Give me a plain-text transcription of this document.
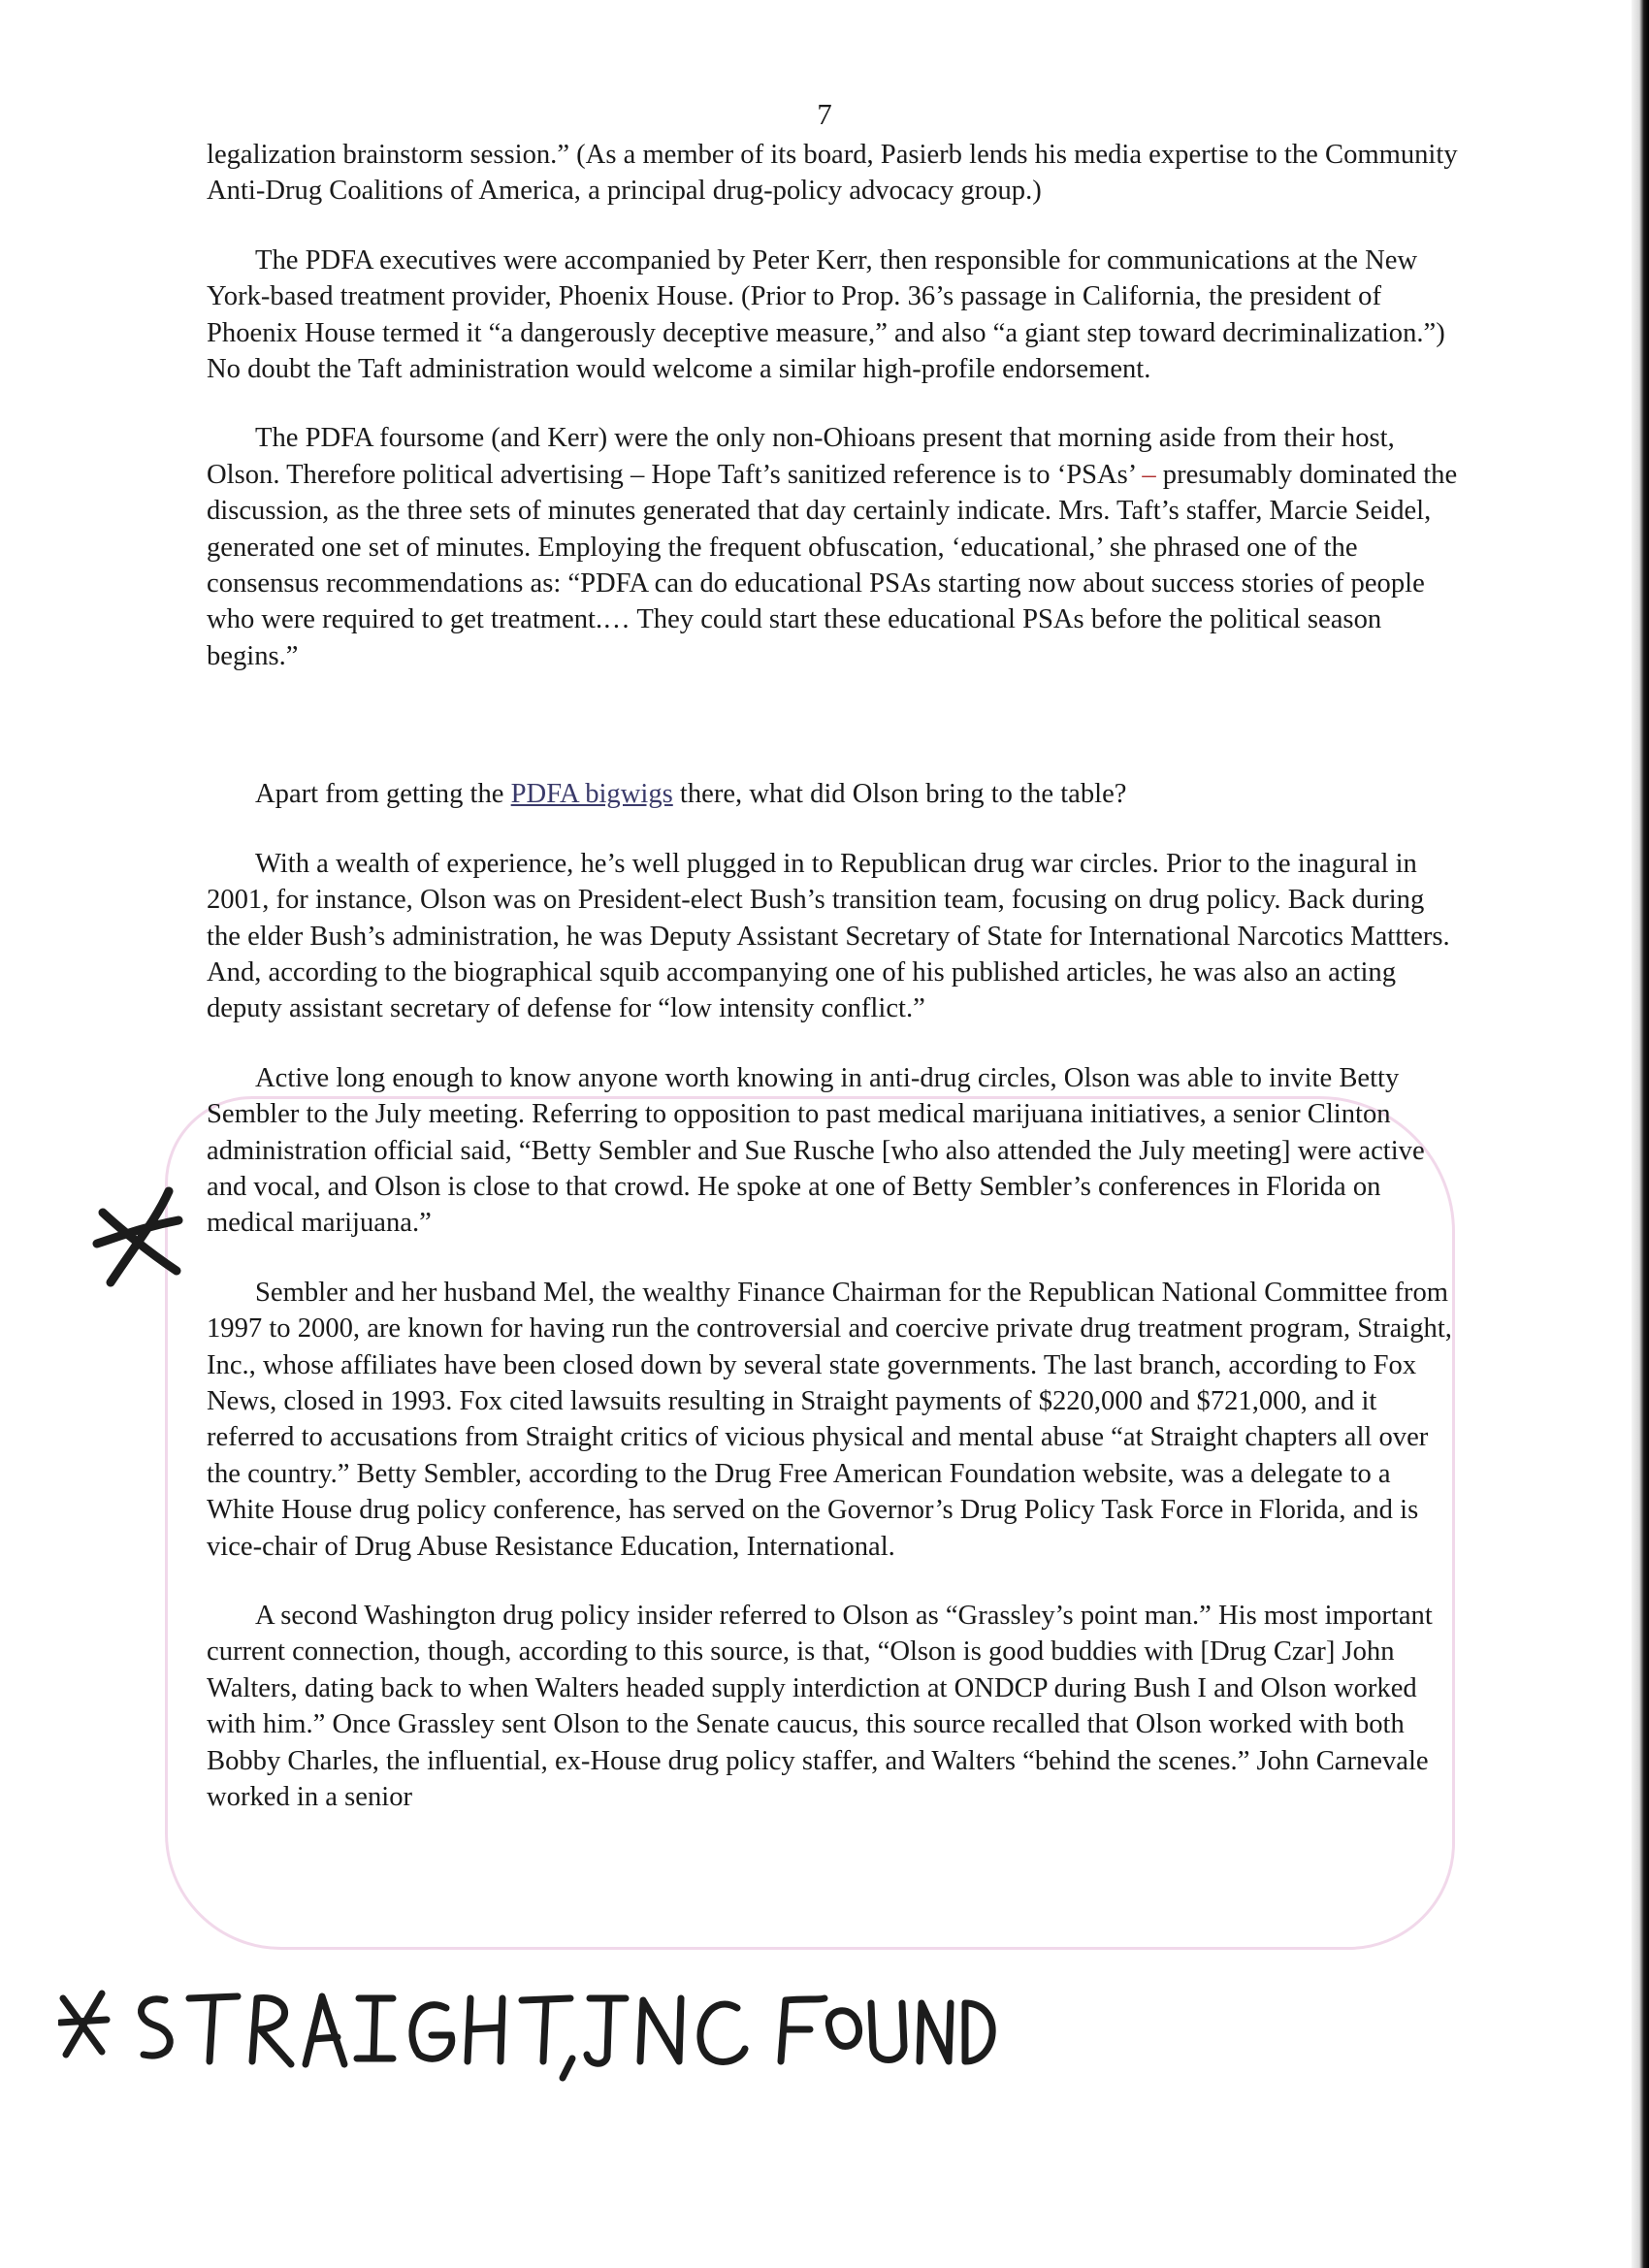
7

legalization brainstorm session.” (As a member of its board, Pasierb lends his media expertise to the Community Anti-Drug Coalitions of America, a principal drug-policy advocacy group.)

The PDFA executives were accompanied by Peter Kerr, then responsible for communications at the New York-based treatment provider, Phoenix House. (Prior to Prop. 36’s passage in California, the president of Phoenix House termed it “a dangerously deceptive measure,” and also “a giant step toward decriminalization.”) No doubt the Taft administration would welcome a similar high-profile endorsement.

The PDFA foursome (and Kerr) were the only non-Ohioans present that morning aside from their host, Olson. Therefore political advertising – Hope Taft’s sanitized reference is to ‘PSAs’ – presumably dominated the discussion, as the three sets of minutes generated that day certainly indicate. Mrs. Taft’s staffer, Marcie Seidel, generated one set of minutes. Employing the frequent obfuscation, ‘educational,’ she phrased one of the consensus recommendations as: “PDFA can do educational PSAs starting now about success stories of people who were required to get treatment.… They could start these educational PSAs before the political season begins.”

Apart from getting the PDFA bigwigs there, what did Olson bring to the table?

With a wealth of experience, he’s well plugged in to Republican drug war circles. Prior to the inagural in 2001, for instance, Olson was on President-elect Bush’s transition team, focusing on drug policy. Back during the elder Bush’s administration, he was Deputy Assistant Secretary of State for International Narcotics Mattters. And, according to the biographical squib accompanying one of his published articles, he was also an acting deputy assistant secretary of defense for “low intensity conflict.”

Active long enough to know anyone worth knowing in anti-drug circles, Olson was able to invite Betty Sembler to the July meeting. Referring to opposition to past medical marijuana initiatives, a senior Clinton administration official said, “Betty Sembler and Sue Rusche [who also attended the July meeting] were active and vocal, and Olson is close to that crowd. He spoke at one of Betty Sembler’s conferences in Florida on medical marijuana.”

Sembler and her husband Mel, the wealthy Finance Chairman for the Republican National Committee from 1997 to 2000, are known for having run the controversial and coercive private drug treatment program, Straight, Inc., whose affiliates have been closed down by several state governments. The last branch, according to Fox News, closed in 1993. Fox cited lawsuits resulting in Straight payments of $220,000 and $721,000, and it referred to accusations from Straight critics of vicious physical and mental abuse “at Straight chapters all over the country.” Betty Sembler, according to the Drug Free American Foundation website, was a delegate to a White House drug policy conference, has served on the Governor’s Drug Policy Task Force in Florida, and is vice-chair of Drug Abuse Resistance Education, International.

A second Washington drug policy insider referred to Olson as “Grassley’s point man.” His most important current connection, though, according to this source, is that, “Olson is good buddies with [Drug Czar] John Walters, dating back to when Walters headed supply interdiction at ONDCP during Bush I and Olson worked with him.” Once Grassley sent Olson to the Senate caucus, this source recalled that Olson worked with both Bobby Charles, the influential, ex-House drug policy staffer, and Walters “behind the scenes.” John Carnevale worked in a senior
